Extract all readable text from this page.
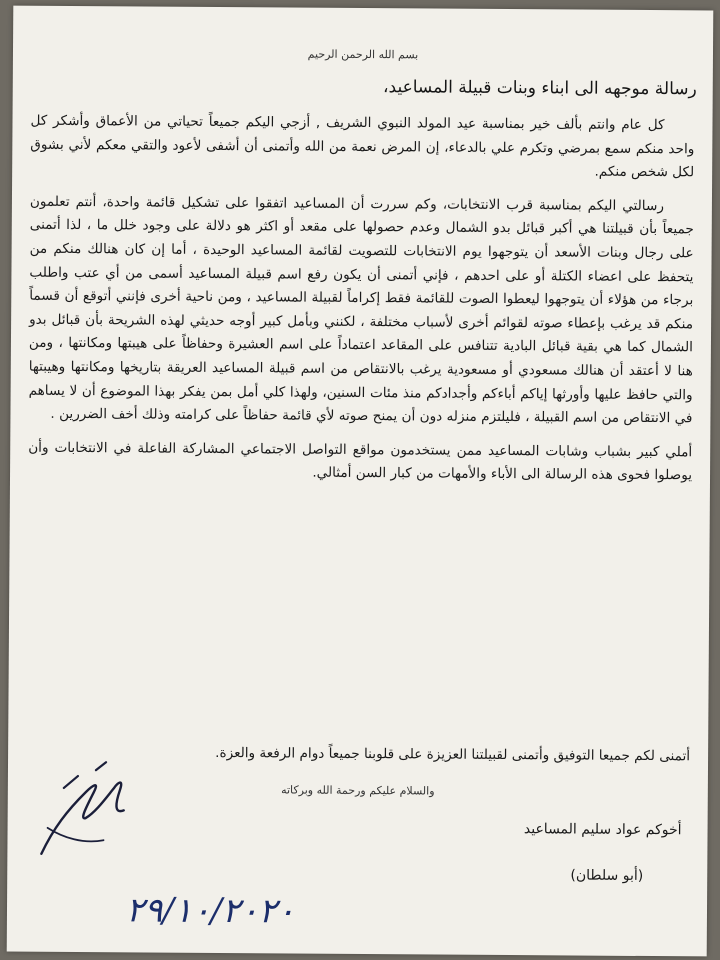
بسم الله الرحمن الرحيم
رسالة موجهه الى ابناء وبنات قبيلة المساعيد،

كل عام وانتم بألف خير بمناسبة عيد المولد النبوي الشريف , أزجي اليكم جميعاً تحياتي من الأعماق وأشكر كل واحد منكم سمع بمرضي وتكرم علي بالدعاء، إن المرض نعمة من الله وأتمنى أن أشفى لأعود والتقي معكم لأني بشوق لكل شخص منكم.

رسالتي اليكم بمناسبة قرب الانتخابات، وكم سررت أن المساعيد اتفقوا على تشكيل قائمة واحدة، أنتم تعلمون جميعاً بأن قبيلتنا هي أكبر قبائل بدو الشمال وعدم حصولها على مقعد أو اكثر هو دلالة على وجود خلل ما ، لذا أتمنى على رجال وبنات الأسعد أن يتوجهوا يوم الانتخابات للتصويت لقائمة المساعيد الوحيدة ، أما إن كان هنالك منكم من يتحفظ على اعضاء الكتلة أو على احدهم ، فإني أتمنى أن يكون رفع اسم قبيلة المساعيد أسمى من أي عتب واطلب برجاء من هؤلاء أن يتوجهوا ليعطوا الصوت للقائمة فقط إكراماً لقبيلة المساعيد ، ومن ناحية أخرى فإنني أتوقع أن قسماً منكم قد يرغب بإعطاء صوته لقوائم أخرى لأسباب مختلفة ، لكنني وبأمل كبير أوجه حديثي لهذه الشريحة بأن قبائل بدو الشمال كما هي بقية قبائل البادية تتنافس على المقاعد اعتماداً على اسم العشيرة وحفاظاً على هيبتها ومكانتها ، ومن هنا لا أعتقد أن هنالك مسعودي أو مسعودية يرغب بالانتقاص من اسم قبيلة المساعيد العريقة بتاريخها ومكانتها وهيبتها والتي حافظ عليها وأورثها إياكم أباءكم وأجدادكم منذ مئات السنين، ولهذا كلي أمل بمن يفكر بهذا الموضوع أن لا يساهم في الانتقاص من اسم القبيلة ، فليلتزم منزله دون أن يمنح صوته لأي قائمة حفاظاً على كرامته وذلك أخف الضررين .

أملي كبير بشباب وشابات المساعيد ممن يستخدمون مواقع التواصل الاجتماعي المشاركة الفاعلة في الانتخابات وأن يوصلوا فحوى هذه الرسالة الى الأباء والأمهات من كبار السن أمثالي.

أتمنى لكم جميعا التوفيق وأتمنى لقبيلتنا العزيزة على قلوبنا جميعاً دوام الرفعة والعزة.
والسلام عليكم ورحمة الله وبركاته
أخوكم عواد سليم المساعيد
(أبو سلطان)
٢٩/١٠/٢٠٢٠
